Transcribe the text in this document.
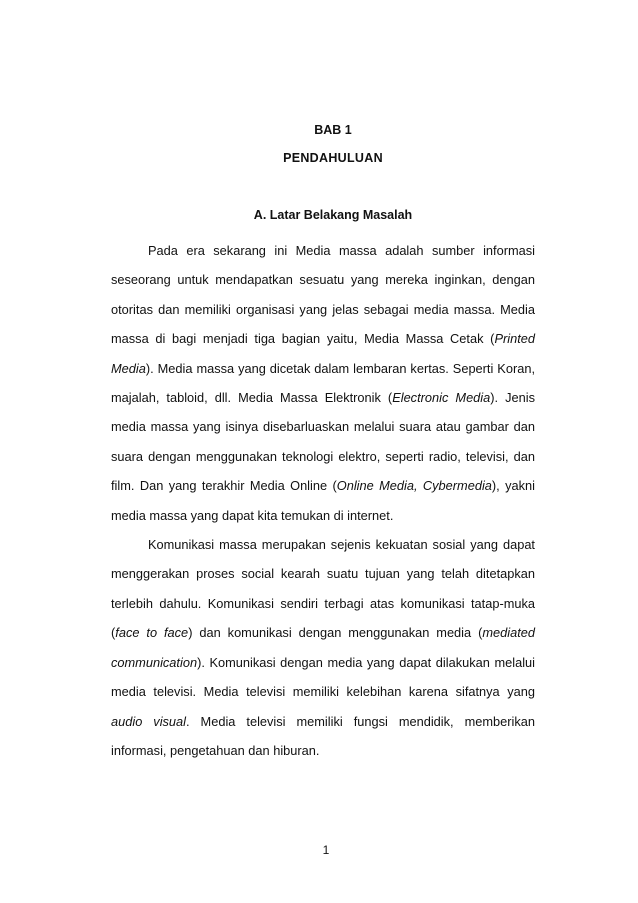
BAB 1
PENDAHULUAN
A. Latar Belakang Masalah

Pada era sekarang ini Media massa adalah sumber informasi seseorang untuk mendapatkan sesuatu yang mereka inginkan, dengan otoritas dan memiliki organisasi yang jelas sebagai media massa. Media massa di bagi menjadi tiga bagian yaitu, Media Massa Cetak (Printed Media). Media massa yang dicetak dalam lembaran kertas. Seperti Koran, majalah, tabloid, dll. Media Massa Elektronik (Electronic Media). Jenis media massa yang isinya disebarluaskan melalui suara atau gambar dan suara dengan menggunakan teknologi elektro, seperti radio, televisi, dan film. Dan yang terakhir Media Online (Online Media, Cybermedia), yakni media massa yang dapat kita temukan di internet.

Komunikasi massa merupakan sejenis kekuatan sosial yang dapat menggerakan proses social kearah suatu tujuan yang telah ditetapkan terlebih dahulu. Komunikasi sendiri terbagi atas komunikasi tatap-muka (face to face) dan komunikasi dengan menggunakan media (mediated communication). Komunikasi dengan media yang dapat dilakukan melalui media televisi. Media televisi memiliki kelebihan karena sifatnya yang audio visual. Media televisi memiliki fungsi mendidik, memberikan informasi, pengetahuan dan hiburan.

1
